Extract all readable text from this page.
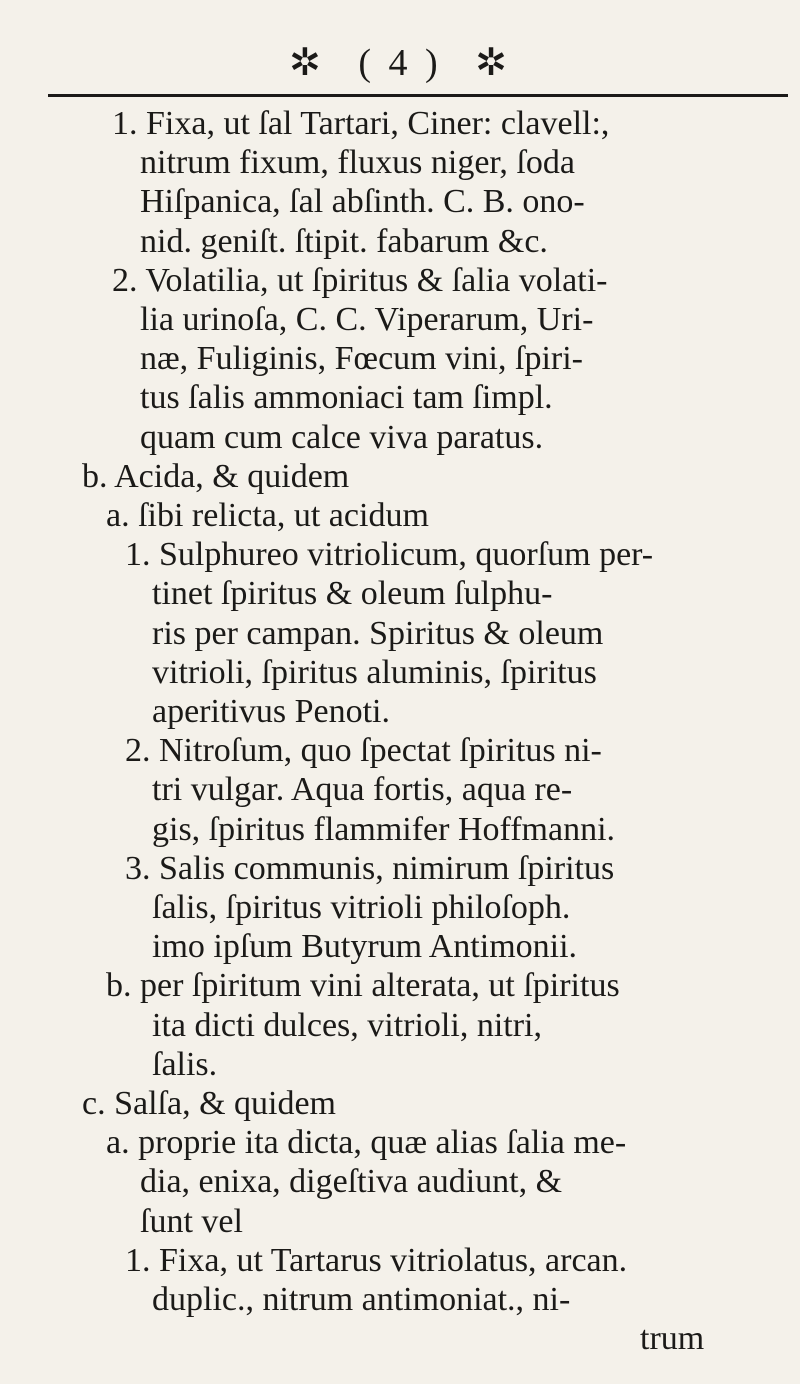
✲ ( 4 ) ✲
1. Fixa, ut ſal Tartari, Ciner: clavell:,
nitrum fixum, fluxus niger, ſoda
Hiſpanica, ſal abſinth. C. B. ono-
nid. geniſt. ſtipit. fabarum &c.
2. Volatilia, ut ſpiritus & ſalia volati-
lia urinoſa, C. C. Viperarum, Uri-
næ, Fuliginis, Fœcum vini, ſpiri-
tus ſalis ammoniaci tam ſimpl.
quam cum calce viva paratus.
b. Acida, & quidem
a. ſibi relicta, ut acidum
1. Sulphureo vitriolicum, quorſum per-
tinet ſpiritus & oleum ſulphu-
ris per campan. Spiritus & oleum
vitrioli, ſpiritus aluminis, ſpiritus
aperitivus Penoti.
2. Nitroſum, quo ſpectat ſpiritus ni-
tri vulgar. Aqua fortis, aqua re-
gis, ſpiritus flammifer Hoffmanni.
3. Salis communis, nimirum ſpiritus
ſalis, ſpiritus vitrioli philoſoph.
imo ipſum Butyrum Antimonii.
b. per ſpiritum vini alterata, ut ſpiritus
ita dicti dulces, vitrioli, nitri,
ſalis.
c. Salſa, & quidem
a. proprie ita dicta, quæ alias ſalia me-
dia, enixa, digeſtiva audiunt, &
ſunt vel
1. Fixa, ut Tartarus vitriolatus, arcan.
duplic., nitrum antimoniat., ni-
trum
